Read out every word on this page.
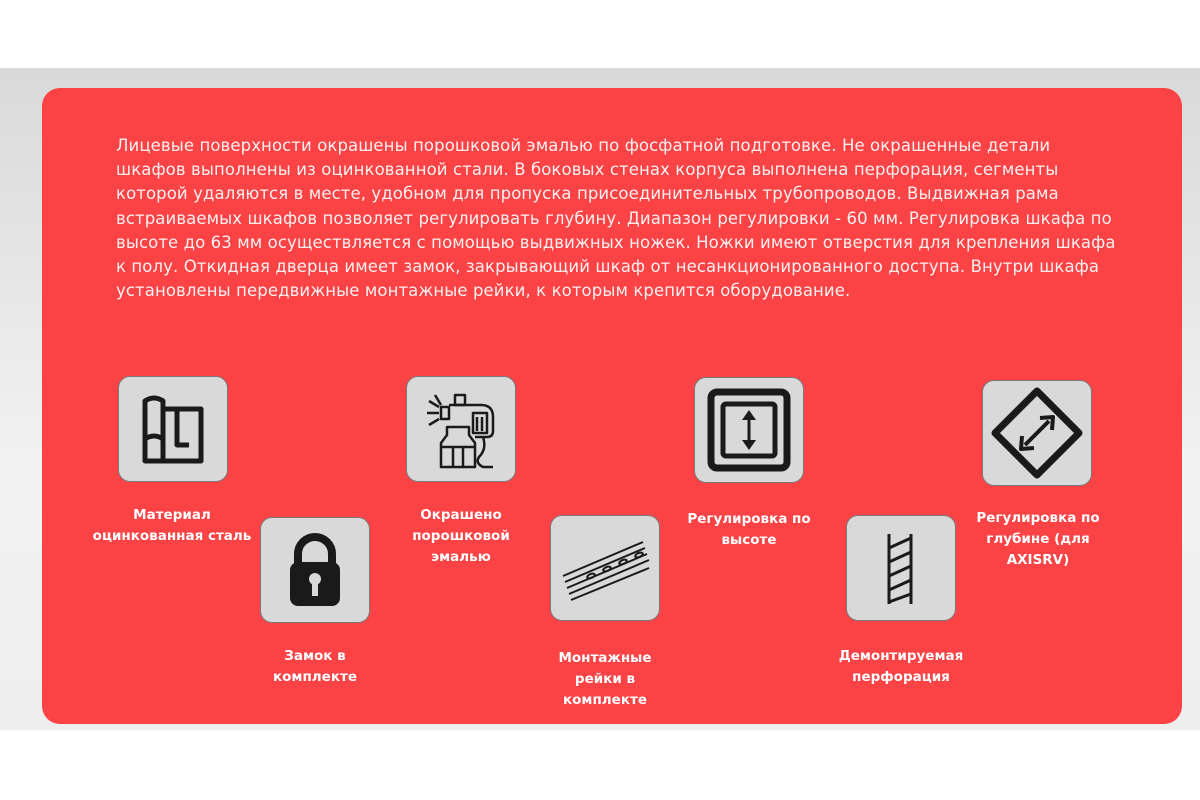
Лицевые поверхности окрашены порошковой эмалью по фосфатной подготовке. Не окрашенные детали шкафов выполнены из оцинкованной стали. В боковых стенах корпуса выполнена перфорация, сегменты которой удаляются в месте, удобном для пропуска присоединительных трубопроводов. Выдвижная рама встраиваемых шкафов позволяет регулировать глубину. Диапазон регулировки - 60 мм. Регулировка шкафа по высоте до 63 мм осуществляется с помощью выдвижных ножек. Ножки имеют отверстия для крепления шкафа к полу. Откидная дверца имеет замок, закрывающий шкаф от несанкционированного доступа. Внутри шкафа установлены передвижные монтажные рейки, к которым крепится оборудование.

Материал оцинкованная сталь
Замок в комплекте
Окрашено порошковой эмалью
Монтажные рейки в комплекте
Регулировка по высоте
Демонтируемая перфорация
Регулировка по глубине (для AXISRV)
